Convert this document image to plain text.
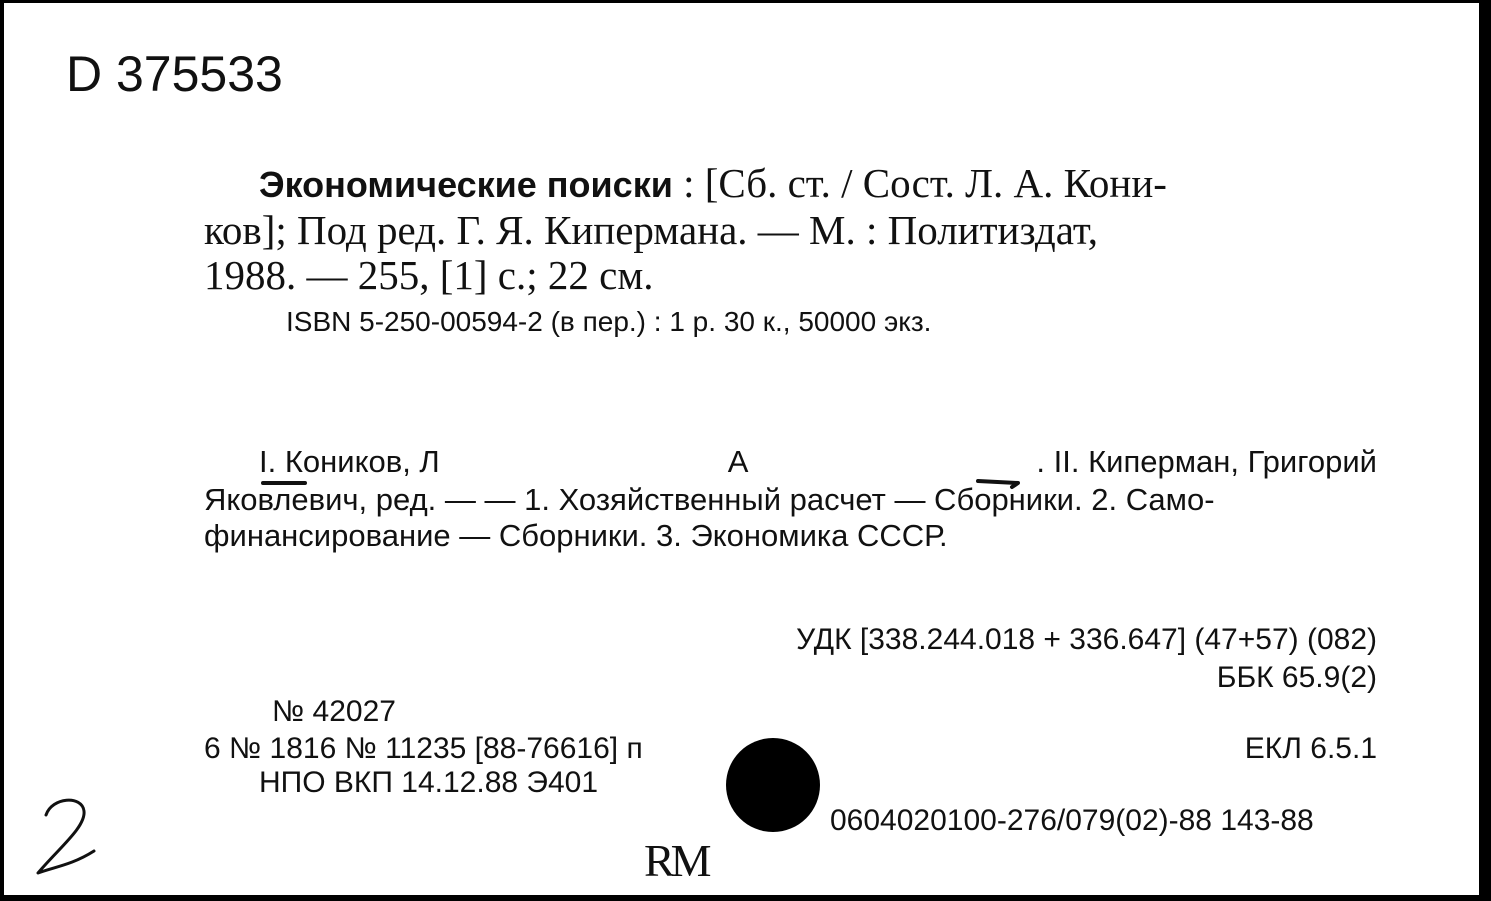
D 375533
Экономические поиски : [Сб. ст. / Сост. Л. А. Кони-
ков]; Под ред. Г. Я. Кипермана. — М. : Политиздат,
1988. — 255, [1] с.; 22 см.
ISBN 5-250-00594-2 (в пер.) : 1 р. 30 к., 50000 экз.
I. Коников, Л	А	. II. Киперман, Григорий
Яковлевич, ред. — — 1. Хозяйственный расчет — Сборники. 2. Само-
финансирование — Сборники. 3. Экономика СССР.
УДК [338.244.018 + 336.647] (47+57) (082)
ББК 65.9(2)
№ 42027
6 № 1816 № 11235 [88-76616] п
НПО ВКП 14.12.88 Э401
ЕКЛ 6.5.1
0604020100-276/079(02)-88 143-88
RM
